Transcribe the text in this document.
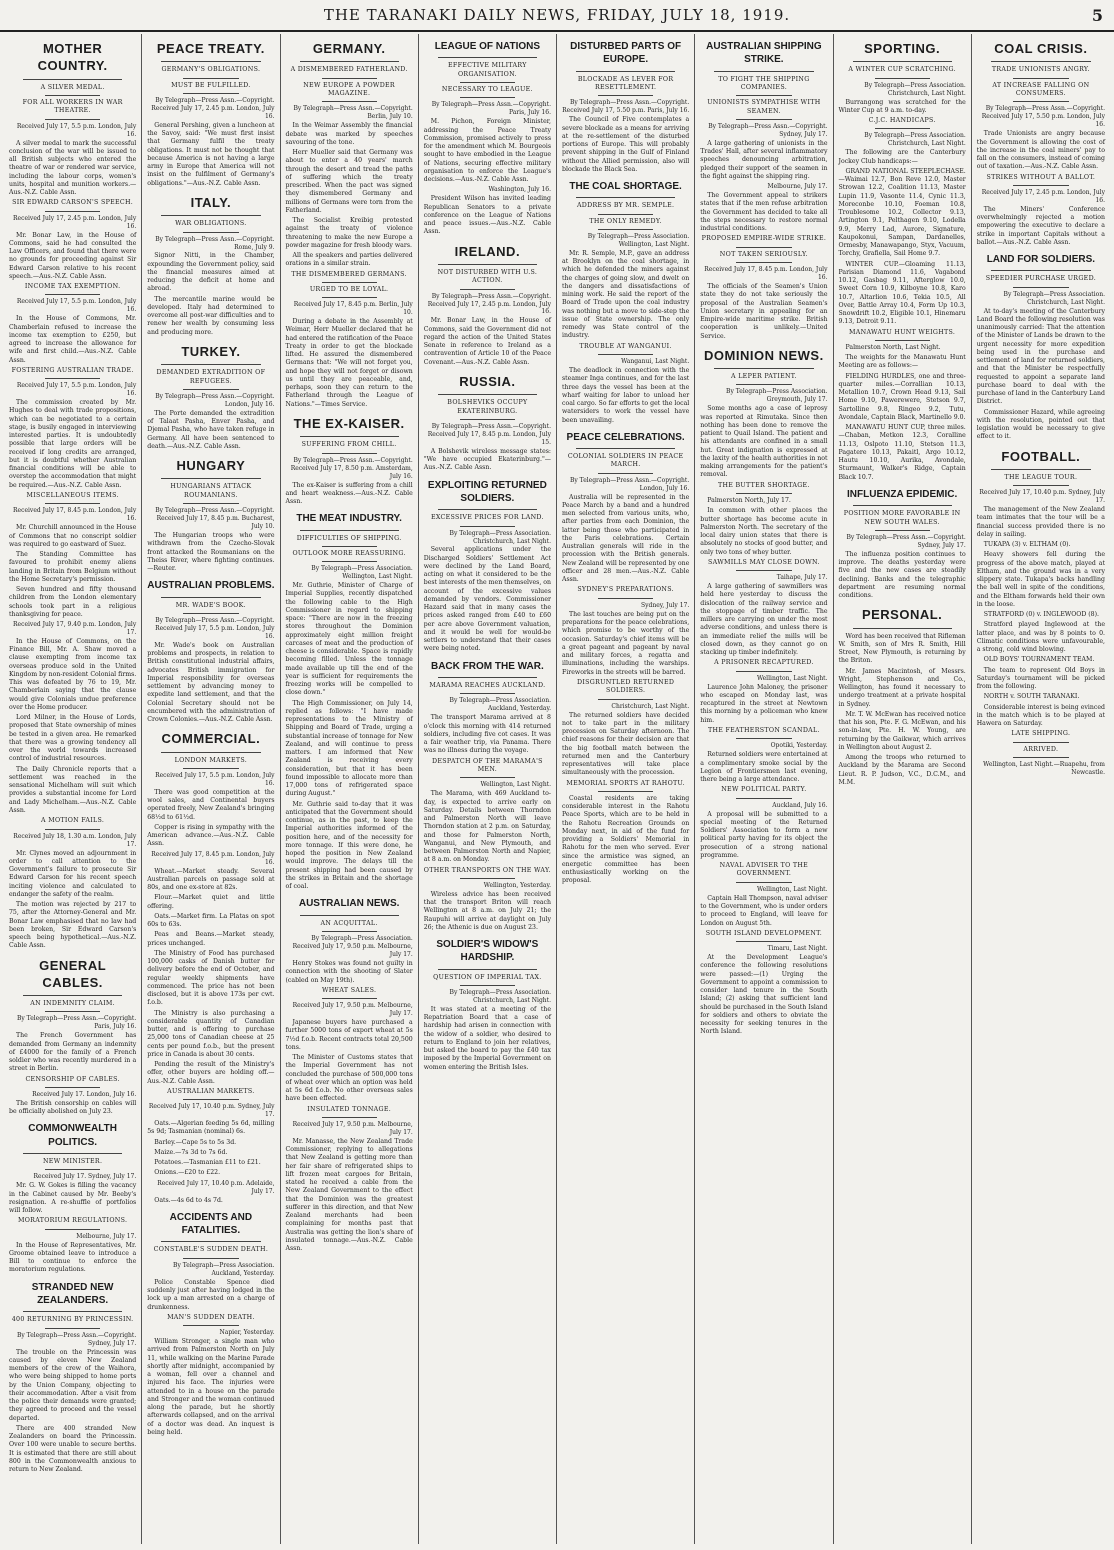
THE TARANAKI DAILY NEWS, FRIDAY, JULY 18, 1919.	5
MOTHER COUNTRY.
A SILVER MEDAL.
FOR ALL WORKERS IN WAR THEATRE.
Received July 17, 5.5 p.m. London, July 16.

A silver medal to mark the successful conclusion of the war will be issued to all British subjects who entered the theatre of war or rendered war service, including the labour corps, women's units, hospital and munition workers.—Aus.-N.Z. Cable Assn.

SIR EDWARD CARSON'S SPEECH.
Received July 17, 2.45 p.m. London, July 16.

Mr. Bonar Law, in the House of Commons, said he had consulted the Law Officers, and found that there were no grounds for proceeding against Sir Edward Carson relative to his recent speech.—Aus.-N.Z. Cable Assn.

INCOME TAX EXEMPTION.
Received July 17, 5.5 p.m. London, July 16.

In the House of Commons, Mr. Chamberlain refused to increase the income tax exemption to £250, but agreed to increase the allowance for wife and first child.—Aus.-N.Z. Cable Assn.

FOSTERING AUSTRALIAN TRADE.
Received July 17, 5.5 p.m. London, July 16.

The commission created by Mr. Hughes to deal with trade propositions, which can be negotiated to a certain stage, is busily engaged in interviewing interested parties. It is undoubtedly possible that large orders will be received if long credits are arranged, but it is doubtful whether Australian financial conditions will be able to overstep the accommodation that might be required.—Aus.-N.Z. Cable Assn.

MISCELLANEOUS ITEMS.
Received July 17, 8.45 p.m. London, July 16.

Mr. Churchill announced in the House of Commons that no conscript soldier was required to go eastward of Suez.

The Standing Committee has favoured to prohibit enemy aliens landing in Britain from Belgium without the Home Secretary's permission.

Seven hundred and fifty thousand children from the London elementary schools took part in a religious thanksgiving for peace.

Received July 17, 9.40 p.m. London, July 17.

In the House of Commons, on the Finance Bill, Mr. A. Shaw moved a clause exempting from income tax overseas produce sold in the United Kingdom by non-resident Colonial firms. This was defeated by 76 to 19, Mr. Chamberlain saying that the clause would give Colonials undue preference over the Home producer.

Lord Milner, in the House of Lords, proposed that State ownership of mines be tested in a given area. He remarked that there was a growing tendency all over the world towards increased control of industrial resources.

The Daily Chronicle reports that a settlement was reached in the sensational Michelham will suit which provides a substantial income for Lord and Lady Michelham.—Aus.-N.Z. Cable Assn.

A MOTION FAILS.
Received July 18, 1.30 a.m. London, July 17.

Mr. Clynes moved an adjournment in order to call attention to the Government's failure to prosecute Sir Edward Carson for his recent speech inciting violence and calculated to endanger the safety of the realm.

The motion was rejected by 217 to 75, after the Attorney-General and Mr. Bonar Law emphasised that no law had been broken, Sir Edward Carson's speech being hypothetical.—Aus.-N.Z. Cable Assn.

GENERAL CABLES.
AN INDEMNITY CLAIM.
By Telegraph—Press Assn.—Copyright. Paris, July 16.

The French Government has demanded from Germany an indemnity of £4000 for the family of a French soldier who was recently murdered in a street in Berlin.

CENSORSHIP OF CABLES.
Received July 17. London, July 16.

The British censorship on cables will be officially abolished on July 23.

COMMONWEALTH POLITICS.
NEW MINISTER.
Received July 17. Sydney, July 17.

Mr. G. W. Gokes is filling the vacancy in the Cabinet caused by Mr. Beeby's resignation. A re-shuffle of portfolios will follow.

MORATORIUM REGULATIONS.
Melbourne, July 17.

In the House of Representatives, Mr. Groome obtained leave to introduce a Bill to continue to enforce the moratorium regulations.

STRANDED NEW ZEALANDERS.
400 RETURNING BY PRINCESSIN.
By Telegraph—Press Assn.—Copyright. Sydney, July 17.

The trouble on the Princessin was caused by eleven New Zealand members of the crew of the Waihora, who were being shipped to home ports by the Union Company, objecting to their accommodation. After a visit from the police their demands were granted; they agreed to proceed and the vessel departed.

There are 400 stranded New Zealanders on board the Princessin. Over 100 were unable to secure berths. It is estimated that there are still about 800 in the Commonwealth anxious to return to New Zealand.

PEACE TREATY.
GERMANY'S OBLIGATIONS.
MUST BE FULFILLED.
By Telegraph—Press Assn.—Copyright. Received July 17, 2.45 p.m. London, July 16.

General Pershing, given a luncheon at the Savoy, said: "We must first insist that Germany fulfil the treaty obligations. It must not be thought that because America is not having a large army in Europe that America will not insist on the fulfilment of Germany's obligations."—Aus.-N.Z. Cable Assn.

ITALY.
WAR OBLIGATIONS.
By Telegraph—Press Assn.—Copyright. Rome, July 9.

Signor Nitti, in the Chamber, expounding the Government policy, said the financial measures aimed at reducing the deficit at home and abroad.

The mercantile marine would be developed. Italy had determined to overcome all post-war difficulties and to renew her wealth by consuming less and producing more.

TURKEY.
DEMANDED EXTRADITION OF REFUGEES.
By Telegraph—Press Assn.—Copyright. London, July 16.

The Porte demanded the extradition of Talaat Pasha, Enver Pasha, and Djemal Pasha, who have taken refuge in Germany. All have been sentenced to death.—Aus.-N.Z. Cable Assn.

HUNGARY
HUNGARIANS ATTACK ROUMANIANS.
By Telegraph—Press Assn.—Copyright. Received July 17, 8.45 p.m. Bucharest, July 10.

The Hungarian troops who were withdrawn from the Czecho-Slovak front attacked the Roumanians on the Theiss River, where fighting continues.—Reuter.

AUSTRALIAN PROBLEMS.
MR. WADE'S BOOK.
By Telegraph—Press Assn.—Copyright. Received July 17, 5.5 p.m. London, July 16.

Mr. Wade's book on Australian problems and prospects, in relation to British constitutional industrial affairs, advocates British immigration for Imperial responsibility for overseas settlement by advancing money to expedite land settlement, and that the Colonial Secretary should not be encumbered with the administration of Crown Colonies.—Aus.-N.Z. Cable Assn.

COMMERCIAL.
LONDON MARKETS.
Received July 17, 5.5 p.m. London, July 16.

There was good competition at the wool sales, and Continental buyers operated freely, New Zealand's bringing 68½d to 61½d.

Copper is rising in sympathy with the American advance.—Aus.-N.Z. Cable Assn.

Received July 17, 8.45 p.m. London, July 16.

Wheat.—Market steady. Several Australian parcels on passage sold at 80s, and one ex-store at 82s.

Flour.—Market quiet and little offering.

Oats.—Market firm. La Platas on spot 60s to 63s.

Peas and Beans.—Market steady, prices unchanged.

The Ministry of Food has purchased 100,000 casks of Danish butter for delivery before the end of October, and regular weekly shipments have commenced. The price has not been disclosed, but it is above 173s per cwt. f.o.b.

The Ministry is also purchasing a considerable quantity of Canadian butter, and is offering to purchase 25,000 tons of Canadian cheese at 25 cents per pound f.o.b., but the present price in Canada is about 30 cents.

Pending the result of the Ministry's offer, other buyers are holding off.—Aus.-N.Z. Cable Assn.

AUSTRALIAN MARKETS.
Received July 17, 10.40 p.m. Sydney, July 17.

Oats.—Algerian feeding 5s 6d, milling 5s 9d; Tasmanian (nominal) 6s.

Barley.—Cape 5s to 5s 3d.

Maize.—7s 3d to 7s 6d.

Potatoes.—Tasmanian £11 to £21.

Onions.—£20 to £22.

Received July 17, 10.40 p.m. Adelaide, July 17.

Oats.—4s 6d to 4s 7d.

ACCIDENTS AND FATALITIES.
CONSTABLE'S SUDDEN DEATH.
By Telegraph—Press Association. Auckland, Yesterday.

Police Constable Spence died suddenly just after having lodged in the lock up a man arrested on a charge of drunkenness.

MAN'S SUDDEN DEATH.
Napier, Yesterday.

William Stronger, a single man who arrived from Palmerston North on July 11, while walking on the Marine Parade shortly after midnight, accompanied by a woman, fell over a channel and injured his face. The injuries were attended to in a house on the parade and Stronger and the woman continued along the parade, but he shortly afterwards collapsed, and on the arrival of a doctor was dead. An inquest is being held.

GERMANY.
A DISMEMBERED FATHERLAND.
NEW EUROPE A POWDER MAGAZINE.
By Telegraph—Press Assn.—Copyright. Berlin, July 10.

In the Weimar Assembly the financial debate was marked by speeches savouring of the tone.

Herr Mueller said that Germany was about to enter a 40 years' march through the desert and tread the paths of suffering which the treaty prescribed. When the pact was signed they dismembered Germany and millions of Germans were torn from the Fatherland.

The Socialist Kreibig protested against the treaty of violence threatening to make the new Europe a powder magazine for fresh bloody wars.

All the speakers and parties delivered orations in a similar strain.

THE DISMEMBERED GERMANS.
URGED TO BE LOYAL.
Received July 17, 8.45 p.m. Berlin, July 10.

During a debate in the Assembly at Weimar, Herr Mueller declared that he had entered the ratification of the Peace Treaty in order to get the blockade lifted. He assured the dismembered Germans that: "We will not forget you, and hope they will not forget or disown us until they are peaceable, and, perhaps, soon they can return to the Fatherland through the League of Nations."—Times Service.

THE EX-KAISER.
SUFFERING FROM CHILL.
By Telegraph—Press Assn.—Copyright. Received July 17, 8.50 p.m. Amsterdam, July 16.

The ex-Kaiser is suffering from a chill and heart weakness.—Aus.-N.Z. Cable Assn.

THE MEAT INDUSTRY.
DIFFICULTIES OF SHIPPING.
OUTLOOK MORE REASSURING.
By Telegraph—Press Association. Wellington, Last Night.

Mr. Guthrie, Minister of Charge of Imperial Supplies, recently dispatched the following cable to the High Commissioner in regard to shipping space: "There are now in the freezing stores throughout the Dominion approximately eight million freight carcases of meat and the production of cheese is considerable. Space is rapidly becoming filled. Unless the tonnage made available up till the end of the year is sufficient for requirements the freezing works will be compelled to close down."

The High Commissioner, on July 14, replied as follows: "I have made representations to the Ministry of Shipping and Board of Trade, urging a substantial increase of tonnage for New Zealand, and will continue to press matters. I am informed that New Zealand is receiving every consideration, but that it has been found impossible to allocate more than 17,000 tons of refrigerated space during August."

Mr. Guthrie said to-day that it was anticipated that the Government should continue, as in the past, to keep the Imperial authorities informed of the position here, and of the necessity for more tonnage. If this were done, he hoped the position in New Zealand would improve. The delays till the present shipping had been caused by the strikes in Britain and the shortage of coal.

AUSTRALIAN NEWS.
AN ACQUITTAL.
By Telegraph—Press Association. Received July 17, 9.50 p.m. Melbourne, July 17.

Henry Stokes was found not guilty in connection with the shooting of Slater (cabled on May 19th).

WHEAT SALES.
Received July 17, 9.50 p.m. Melbourne, July 17.

Japanese buyers have purchased a further 5000 tons of export wheat at 5s 7½d f.o.b. Recent contracts total 20,500 tons.

The Minister of Customs states that the Imperial Government has not concluded the purchase of 500,000 tons of wheat over which an option was held at 5s 6d f.o.b. No other overseas sales have been effected.

INSULATED TONNAGE.
Received July 17, 9.50 p.m. Melbourne, July 17.

Mr. Manasse, the New Zealand Trade Commissioner, replying to allegations that New Zealand is getting more than her fair share of refrigerated ships to lift frozen meat cargoes for Britain, stated he received a cable from the New Zealand Government to the effect that the Dominion was the greatest sufferer in this direction, and that New Zealand merchants had been complaining for months past that Australia was getting the lion's share of insulated tonnage.—Aus.-N.Z. Cable Assn.

LEAGUE OF NATIONS
EFFECTIVE MILITARY ORGANISATION.
NECESSARY TO LEAGUE.
By Telegraph—Press Assn.—Copyright. Paris, July 16.

M. Pichon, Foreign Minister, addressing the Peace Treaty Commission, promised actively to press for the amendment which M. Bourgeois sought to have embodied in the League of Nations, securing effective military organisation to enforce the League's decisions.—Aus.-N.Z. Cable Assn.

Washington, July 16.

President Wilson has invited leading Republican Senators to a private conference on the League of Nations and peace issues.—Aus.-N.Z. Cable Assn.

IRELAND.
NOT DISTURBED WITH U.S. ACTION.
By Telegraph—Press Assn.—Copyright. Received July 17, 2.45 p.m. London, July 16.

Mr. Bonar Law, in the House of Commons, said the Government did not regard the action of the United States Senate in reference to Ireland as a contravention of Article 10 of the Peace Covenant.—Aus.-N.Z. Cable Assn.

RUSSIA.
BOLSHEVIKS OCCUPY EKATERINBURG.
By Telegraph—Press Assn.—Copyright. Received July 17, 8.45 p.m. London, July 15.

A Bolshevik wireless message states: "We have occupied Ekaterinburg."—Aus.-N.Z. Cable Assn.

EXPLOITING RETURNED SOLDIERS.
EXCESSIVE PRICES FOR LAND.
By Telegraph—Press Association. Christchurch, Last Night.

Several applications under the Discharged Soldiers' Settlement Act were declined by the Land Board, acting on what it considered to be the best interests of the men themselves, on account of the excessive values demanded by vendors. Commissioner Hazard said that in many cases the prices asked ranged from £40 to £60 per acre above Government valuation, and it would be well for would-be settlers to understand that their cases were being noted.

BACK FROM THE WAR.
MARAMA REACHES AUCKLAND.
By Telegraph—Press Association. Auckland, Yesterday.

The transport Marama arrived at 8 o'clock this morning with 414 returned soldiers, including five cot cases. It was a fair weather trip, via Panama. There was no illness during the voyage.

DESPATCH OF THE MARAMA'S MEN.
Wellington, Last Night.

The Marama, with 469 Auckland to-day, is expected to arrive early on Saturday. Details between Thorndon and Palmerston North will leave Thorndon station at 2 p.m. on Saturday, and those for Palmerston North, Wanganui, and New Plymouth, and between Palmerston North and Napier, at 8 a.m. on Monday.

OTHER TRANSPORTS ON THE WAY.
Wellington, Yesterday.

Wireless advice has been received that the transport Briton will reach Wellington at 8 a.m. on July 21; the Raupuhi will arrive at daylight on July 26; the Athenic is due on August 23.

SOLDIER'S WIDOW'S HARDSHIP.
QUESTION OF IMPERIAL TAX.
By Telegraph—Press Association. Christchurch, Last Night.

It was stated at a meeting of the Repatriation Board that a case of hardship had arisen in connection with the widow of a soldier, who desired to return to England to join her relatives, but asked the board to pay the £40 tax imposed by the Imperial Government on women entering the British Isles.

DISTURBED PARTS OF EUROPE.
BLOCKADE AS LEVER FOR RESETTLEMENT.
By Telegraph—Press Assn.—Copyright. Received July 17, 5.50 p.m. Paris, July 16.

The Council of Five contemplates a severe blockade as a means for arriving at the re-settlement of the disturbed portions of Europe. This will probably prevent shipping in the Gulf of Finland without the Allied permission, also will blockade the Black Sea.

THE COAL SHORTAGE.
ADDRESS BY MR. SEMPLE.
THE ONLY REMEDY.
By Telegraph—Press Association. Wellington, Last Night.

Mr. R. Semple, M.P., gave an address at Brooklyn on the coal shortage, in which he defended the miners against the charges of going slow, and dwelt on the dangers and dissatisfactions of mining work. He said the report of the Board of Trade upon the coal industry was nothing but a move to side-step the issue of State ownership. The only remedy was State control of the industry.

TROUBLE AT WANGANUI.
Wanganui, Last Night.

The deadlock in connection with the steamer Inga continues, and for the last three days the vessel has been at the wharf waiting for labor to unload her coal cargo. So far efforts to get the local watersiders to work the vessel have been unavailing.

PEACE CELEBRATIONS.
COLONIAL SOLDIERS IN PEACE MARCH.
By Telegraph—Press Assn.—Copyright. London, July 16.

Australia will be represented in the Peace March by a band and a hundred men selected from various units, who, after parties from each Dominion, the latter being those who participated in the Paris celebrations. Certain Australian generals will ride in the procession with the British generals. New Zealand will be represented by one officer and 28 men.—Aus.-N.Z. Cable Assn.

SYDNEY'S PREPARATIONS.
Sydney, July 17.

The last touches are being put on the preparations for the peace celebrations, which promise to be worthy of the occasion. Saturday's chief items will be a great pageant and pageant by naval and military forces, a regatta and illuminations, including the warships. Fireworks in the streets will be barred.

DISGRUNTLED RETURNED SOLDIERS.
Christchurch, Last Night.

The returned soldiers have decided not to take part in the military procession on Saturday afternoon. The chief reasons for their decision are that the big football match between the returned men and the Canterbury representatives will take place simultaneously with the procession.

MEMORIAL SPORTS AT RAHOTU.

Coastal residents are taking considerable interest in the Rahotu Peace Sports, which are to be held in the Rahotu Recreation Grounds on Monday next, in aid of the fund for providing a Soldiers' Memorial in Rahotu for the men who served. Ever since the armistice was signed, an energetic committee has been enthusiastically working on the proposal.

AUSTRALIAN SHIPPING STRIKE.
TO FIGHT THE SHIPPING COMPANIES.
UNIONISTS SYMPATHISE WITH SEAMEN.
By Telegraph—Press Assn.—Copyright. Sydney, July 17.

A large gathering of unionists in the Trades' Hall, after several inflammatory speeches denouncing arbitration, pledged their support of the seamen in the fight against the shipping ring.

Melbourne, July 17.

The Government appeal to strikers states that if the men refuse arbitration the Government has decided to take all the steps necessary to restore normal industrial conditions.

PROPOSED EMPIRE-WIDE STRIKE.
NOT TAKEN SERIOUSLY.
Received July 17, 8.45 p.m. London, July 16.

The officials of the Seamen's Union state they do not take seriously the proposal of the Australian Seamen's Union secretary in appealing for an Empire-wide maritime strike. British cooperation is unlikely.—United Service.

DOMINION NEWS.
A LEPER PATIENT.
By Telegraph—Press Association. Greymouth, July 17.

Some months ago a case of leprosy was reported at Rimutaka. Since then nothing has been done to remove the patient to Quail Island. The patient and his attendants are confined in a small hut. Great indignation is expressed at the laxity of the health authorities in not making arrangements for the patient's removal.

THE BUTTER SHORTAGE.

Palmerston North, July 17.

In common with other places the butter shortage has become acute in Palmerston North. The secretary of the local dairy union states that there is absolutely no stocks of good butter, and only two tons of whey butter.

SAWMILLS MAY CLOSE DOWN.
Taihape, July 17.

A large gathering of sawmillers was held here yesterday to discuss the dislocation of the railway service and the stoppage of timber traffic. The millers are carrying on under the most adverse conditions, and unless there is an immediate relief the mills will be closed down, as they cannot go on stacking up timber indefinitely.

A PRISONER RECAPTURED.
Wellington, Last Night.

Laurence John Maloney, the prisoner who escaped on Monday last, was recaptured in the street at Newtown this morning by a policeman who knew him.

THE FEATHERSTON SCANDAL.
Opotiki, Yesterday.

Returned soldiers were entertained at a complimentary smoke social by the Legion of Frontiersmen last evening, there being a large attendance.

NEW POLITICAL PARTY.
Auckland, July 16.

A proposal will be submitted to a special meeting of the Returned Soldiers' Association to form a new political party having for its object the prosecution of a strong national programme.

NAVAL ADVISER TO THE GOVERNMENT.
Wellington, Last Night.

Captain Hall Thompson, naval adviser to the Government, who is under orders to proceed to England, will leave for London on August 5th.

SOUTH ISLAND DEVELOPMENT.
Timaru, Last Night.

At the Development League's conference the following resolutions were passed:—(1) Urging the Government to appoint a commission to consider land tenure in the South Island; (2) asking that sufficient land should be purchased in the South Island for soldiers and others to obviate the necessity for seeking tenures in the North Island.

SPORTING.
A WINTER CUP SCRATCHING.
By Telegraph—Press Association. Christchurch, Last Night.

Burrangong was scratched for the Winter Cup at 9 a.m. to-day.

C.J.C. HANDICAPS.
By Telegraph—Press Association. Christchurch, Last Night.

The following are the Canterbury Jockey Club handicaps:—

GRAND NATIONAL STEEPLECHASE.—Waimai 12.7, Bon Reve 12.0, Master Strowan 12.2, Coalition 11.13, Master Lupin 11.9, Vasonte 11.4, Cynic 11.3, Moreconbe 10.10, Foeman 10.8, Troublesome 10.2, Collector 9.13, Artington 9.1, Pelthagen 9.10, Lodella 9.9, Merry Lad, Aurore, Signature, Kaupokonui, Sampan, Dardanelles, Ormesby, Manawapango, Styx, Vacuum, Torchy, Grafiella, Sail Home 9.7.

WINTER CUP.—Gloaming 11.13, Parisian Diamond 11.6, Vagabond 10.12, Gasbag 9.11, Afterglow 10.0, Sweet Corn 10.9, Kilboyne 10.8, Karo 10.7, Altarlion 10.6, Tekia 10.5, All Over, Battle Array 10.4, Form Up 10.3, Snowdrift 10.2, Eligible 10.1, Hinemaru 9.13, Detroit 9.11.

MANAWATU HUNT WEIGHTS.

Palmerston North, Last Night.

The weights for the Manawatu Hunt Meeting are as follows:—

FIELDING HURDLES, one and three-quarter miles.—Corrallian 10.13, Metallion 10.7, Crown Head 9.13, Sail Home 9.10, Pawerewere, Stetson 9.7, Sartolline 9.8, Ringeo 9.2, Tutu, Avondale, Captain Black, Martinello 9.0.

MANAWATU HUNT CUP, three miles.—Chaban, Metkon 12.3, Coralline 11.13, Oslpoto 11.10, Stetson 11.3, Pagatere 10.13, Pakaitl, Argo 10.12, Hautu 10.10, Aurika, Avondale, Sturmaunt, Walker's Ridge, Captain Black 10.7.

INFLUENZA EPIDEMIC.
POSITION MORE FAVORABLE IN NEW SOUTH WALES.
By Telegraph—Press Assn.—Copyright. Sydney, July 17.

The influenza position continues to improve. The deaths yesterday were five and the new cases are steadily declining. Banks and the telegraphic department are resuming normal conditions.

PERSONAL.

Word has been received that Rifleman W. Smith, son of Mrs R. Smith, Hill Street, New Plymouth, is returning by the Briton.

Mr. James Macintosh, of Messrs. Wright, Stephenson and Co., Wellington, has found it necessary to undergo treatment at a private hospital in Sydney.

Mr. T. W. McEwan has received notice that his son, Pte. F. G. McEwan, and his son-in-law, Pte. H. W. Young, are returning by the Gaikwar, which arrives in Wellington about August 2.

Among the troops who returned to Auckland by the Marama are Second Lieut. R. P. Judson, V.C., D.C.M., and M.M.

COAL CRISIS.
TRADE UNIONISTS ANGRY.
AT INCREASE FALLING ON CONSUMERS.
By Telegraph—Press Assn.—Copyright. Received July 17, 5.50 p.m. London, July 16.

Trade Unionists are angry because the Government is allowing the cost of the increase in the coal miners' pay to fall on the consumers, instead of coming out of taxation.—Aus.-N.Z. Cable Assn.

STRIKES WITHOUT A BALLOT.
Received July 17, 2.45 p.m. London, July 16.

The Miners' Conference overwhelmingly rejected a motion empowering the executive to declare a strike in important Capitals without a ballot.—Aus.-N.Z. Cable Assn.

LAND FOR SOLDIERS.
SPEEDIER PURCHASE URGED.
By Telegraph—Press Association. Christchurch, Last Night.

At to-day's meeting of the Canterbury Land Board the following resolution was unanimously carried: That the attention of the Minister of Lands be drawn to the urgent necessity for more expedition being used in the purchase and settlement of land for returned soldiers, and that the Minister be respectfully requested to appoint a separate land purchase board to deal with the purchase of land in the Canterbury Land District.

Commissioner Hazard, while agreeing with the resolution, pointed out that legislation would be necessary to give effect to it.

FOOTBALL.
THE LEAGUE TOUR.
Received July 17, 10.40 p.m. Sydney, July 17.

The management of the New Zealand team intimates that the tour will be a financial success provided there is no delay in sailing.

TUKAPA (3) v. ELTHAM (0).

Heavy showers fell during the progress of the above match, played at Eltham, and the ground was in a very slippery state. Tukapa's backs handling the ball well in spite of the conditions, and the Eltham forwards held their own in the loose.

STRATFORD (0) v. INGLEWOOD (8).

Stratford played Inglewood at the latter place, and was by 8 points to 0. Climatic conditions were unfavourable, a strong, cold wind blowing.

OLD BOYS' TOURNAMENT TEAM.

The team to represent Old Boys in Saturday's tournament will be picked from the following.

NORTH v. SOUTH TARANAKI.

Considerable interest is being evinced in the match which is to be played at Hawera on Saturday.

LATE SHIPPING.
ARRIVED.
Wellington, Last Night.—Ruapehu, from Newcastle.
